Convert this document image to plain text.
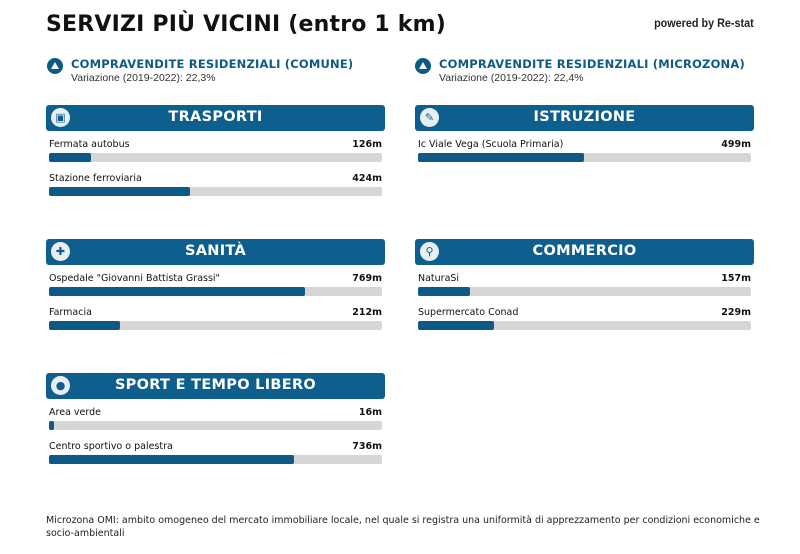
SERVIZI PIÙ VICINI (entro 1 km)	powered by Re-stat
COMPRAVENDITE RESIDENZIALI (COMUNE)
Variazione (2019-2022): 22,3%
COMPRAVENDITE RESIDENZIALI (MICROZONA)
Variazione (2019-2022): 22,4%
▣	TRASPORTI
Fermata autobus	126m
Stazione ferroviaria	424m
✎	ISTRUZIONE
Ic Viale Vega (Scuola Primaria)	499m
✚	SANITÀ
Ospedale "Giovanni Battista Grassi"	769m
Farmacia	212m
⚲	COMMERCIO
NaturaSi	157m
Supermercato Conad	229m
●	SPORT E TEMPO LIBERO
Area verde	16m
Centro sportivo o palestra	736m
Microzona OMI: ambito omogeneo del mercato immobiliare locale, nel quale si registra una uniformità di apprezzamento per condizioni economiche e socio-ambientali
